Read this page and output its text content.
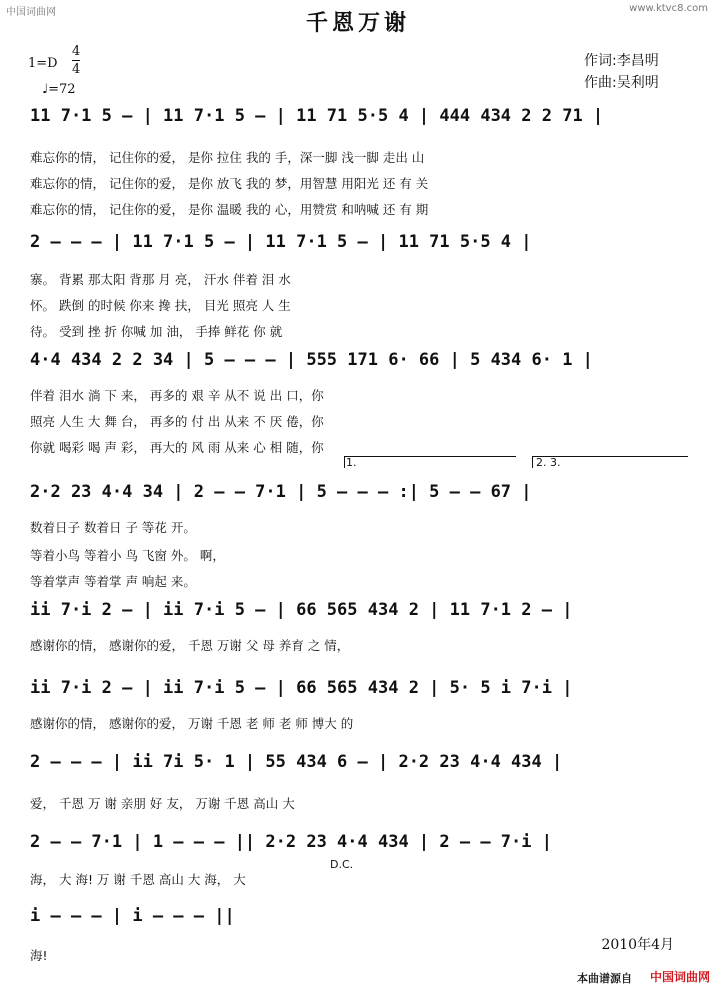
中国词曲网	www.ktvc8.com
千恩万谢
作词:李昌明
作曲:吴利明
1=D
4
4
♩=72
11 7·1 5 – | 11 7·1 5 – | 11 71 5·5 4 | 444 434 2 2 71 |
难忘你的情， 记住你的爱， 是你 拉住 我的 手，深一脚 浅一脚 走出 山
难忘你的情， 记住你的爱， 是你 放飞 我的 梦，用智慧 用阳光 还 有 关
难忘你的情， 记住你的爱， 是你 温暖 我的 心，用赞赏 和呐喊 还 有 期
2 – – – | 11 7·1 5 – | 11 7·1 5 – | 11 71 5·5 4 |
寨。 背累 那太阳 背那 月 亮， 汗水 伴着 泪 水
怀。 跌倒 的时候 你来 搀 扶， 目光 照亮 人 生
待。 受到 挫 折 你喊 加 油， 手捧 鲜花 你 就
4·4 434 2 2 34 | 5 – – – | 555 171 6· 66 | 5 434 6· 1 |
伴着 泪水 淌 下 来， 再多的 艰 辛 从不 说 出 口，你
照亮 人生 大 舞 台， 再多的 付 出 从来 不 厌 倦，你
你就 喝彩 喝 声 彩， 再大的 风 雨 从来 心 相 随，你
1.	2. 3.
2·2 23 4·4 34 | 2 – – 7·1 | 5 – – – :| 5 – – 67 |
数着日子 数着日 子 等花 开。
等着小鸟 等着小 鸟 飞窗 外。 啊，
等着掌声 等着掌 声 响起 来。
ii 7·i 2 – | ii 7·i 5 – | 66 565 434 2 | 11 7·1 2 – |
感谢你的情， 感谢你的爱， 千恩 万谢 父 母 养育 之 情，
ii 7·i 2 – | ii 7·i 5 – | 66 565 434 2 | 5· 5 i 7·i |
感谢你的情， 感谢你的爱， 万谢 千恩 老 师 老 师 博大 的
2 – – – | ii 7i 5· 1 | 55 434 6 – | 2·2 23 4·4 434 |
爱， 千恩 万 谢 亲朋 好 友， 万谢 千恩 高山 大
2 – – 7·1 | 1 – – – || 2·2 23 4·4 434 | 2 – – 7·i |
D.C.
海， 大 海! 万 谢 千恩 高山 大 海， 大
i – – – | i – – – ||
海!
2010年4月
本曲谱源自 中国词曲网
